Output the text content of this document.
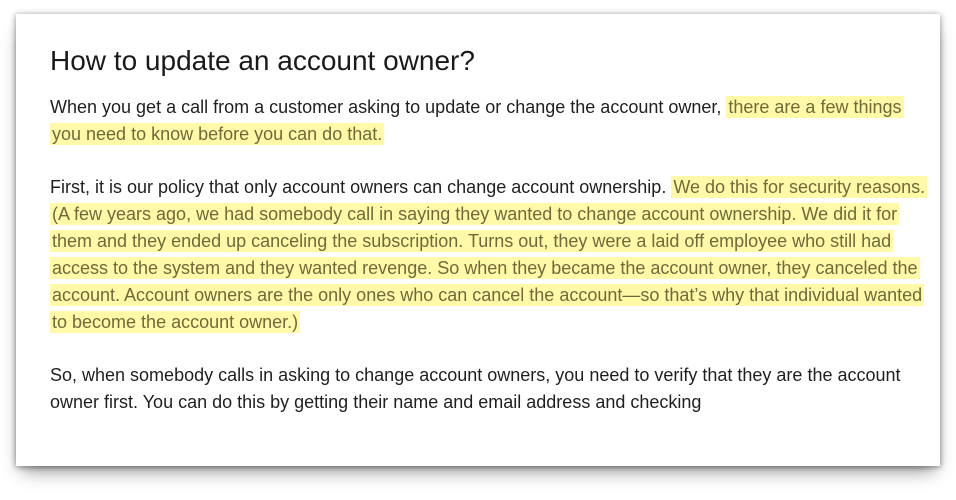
How to update an account owner?

When you get a call from a customer asking to update or change the account owner, there are a few things you need to know before you can do that.

First, it is our policy that only account owners can change account ownership. We do this for security reasons. (A few years ago, we had somebody call in saying they wanted to change account ownership. We did it for them and they ended up canceling the subscription. Turns out, they were a laid off employee who still had access to the system and they wanted revenge. So when they became the account owner, they canceled the account. Account owners are the only ones who can cancel the account—so that’s why that individual wanted to become the account owner.)

So, when somebody calls in asking to change account owners, you need to verify that they are the account owner first. You can do this by getting their name and email address and checking
